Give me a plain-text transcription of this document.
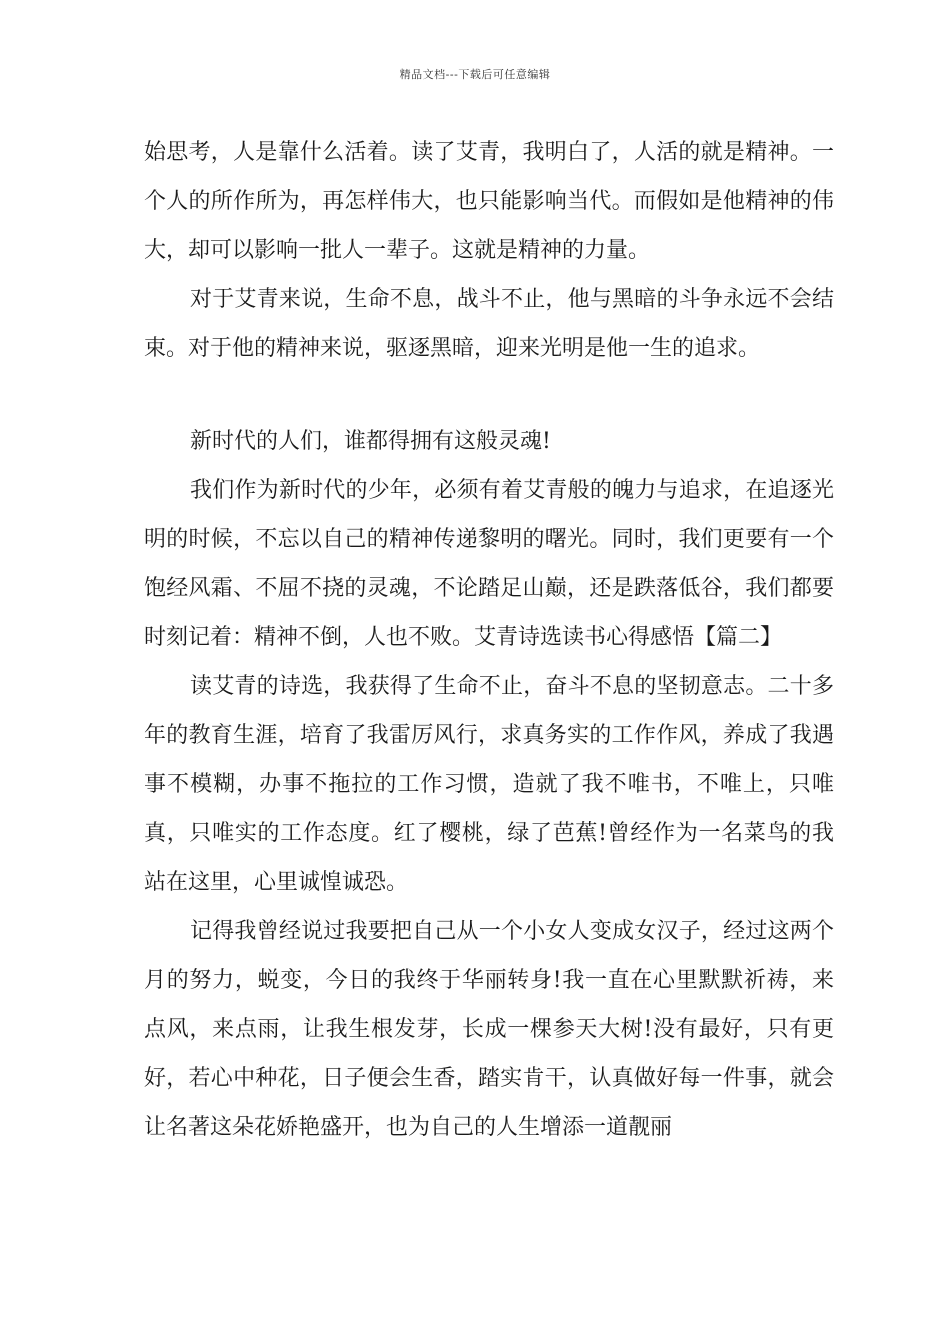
精品文档---下载后可任意编辑

始思考，人是靠什么活着。读了艾青，我明白了，人活的就是精神。一个人的所作所为，再怎样伟大，也只能影响当代。而假如是他精神的伟大，却可以影响一批人一辈子。这就是精神的力量。

对于艾青来说，生命不息，战斗不止，他与黑暗的斗争永远不会结束。对于他的精神来说，驱逐黑暗，迎来光明是他一生的追求。

新时代的人们，谁都得拥有这般灵魂!

我们作为新时代的少年，必须有着艾青般的魄力与追求，在追逐光明的时候，不忘以自己的精神传递黎明的曙光。同时，我们更要有一个饱经风霜、不屈不挠的灵魂，不论踏足山巅，还是跌落低谷，我们都要时刻记着：精神不倒，人也不败。艾青诗选读书心得感悟【篇二】

读艾青的诗选，我获得了生命不止，奋斗不息的坚韧意志。二十多年的教育生涯，培育了我雷厉风行，求真务实的工作作风，养成了我遇事不模糊，办事不拖拉的工作习惯，造就了我不唯书，不唯上，只唯真，只唯实的工作态度。红了樱桃，绿了芭蕉!曾经作为一名菜鸟的我站在这里，心里诚惶诚恐。

记得我曾经说过我要把自己从一个小女人变成女汉子，经过这两个月的努力，蜕变，今日的我终于华丽转身!我一直在心里默默祈祷，来点风，来点雨，让我生根发芽，长成一棵参天大树!没有最好，只有更好，若心中种花，日子便会生香，踏实肯干，认真做好每一件事，就会让名著这朵花娇艳盛开，也为自己的人生增添一道靓丽
